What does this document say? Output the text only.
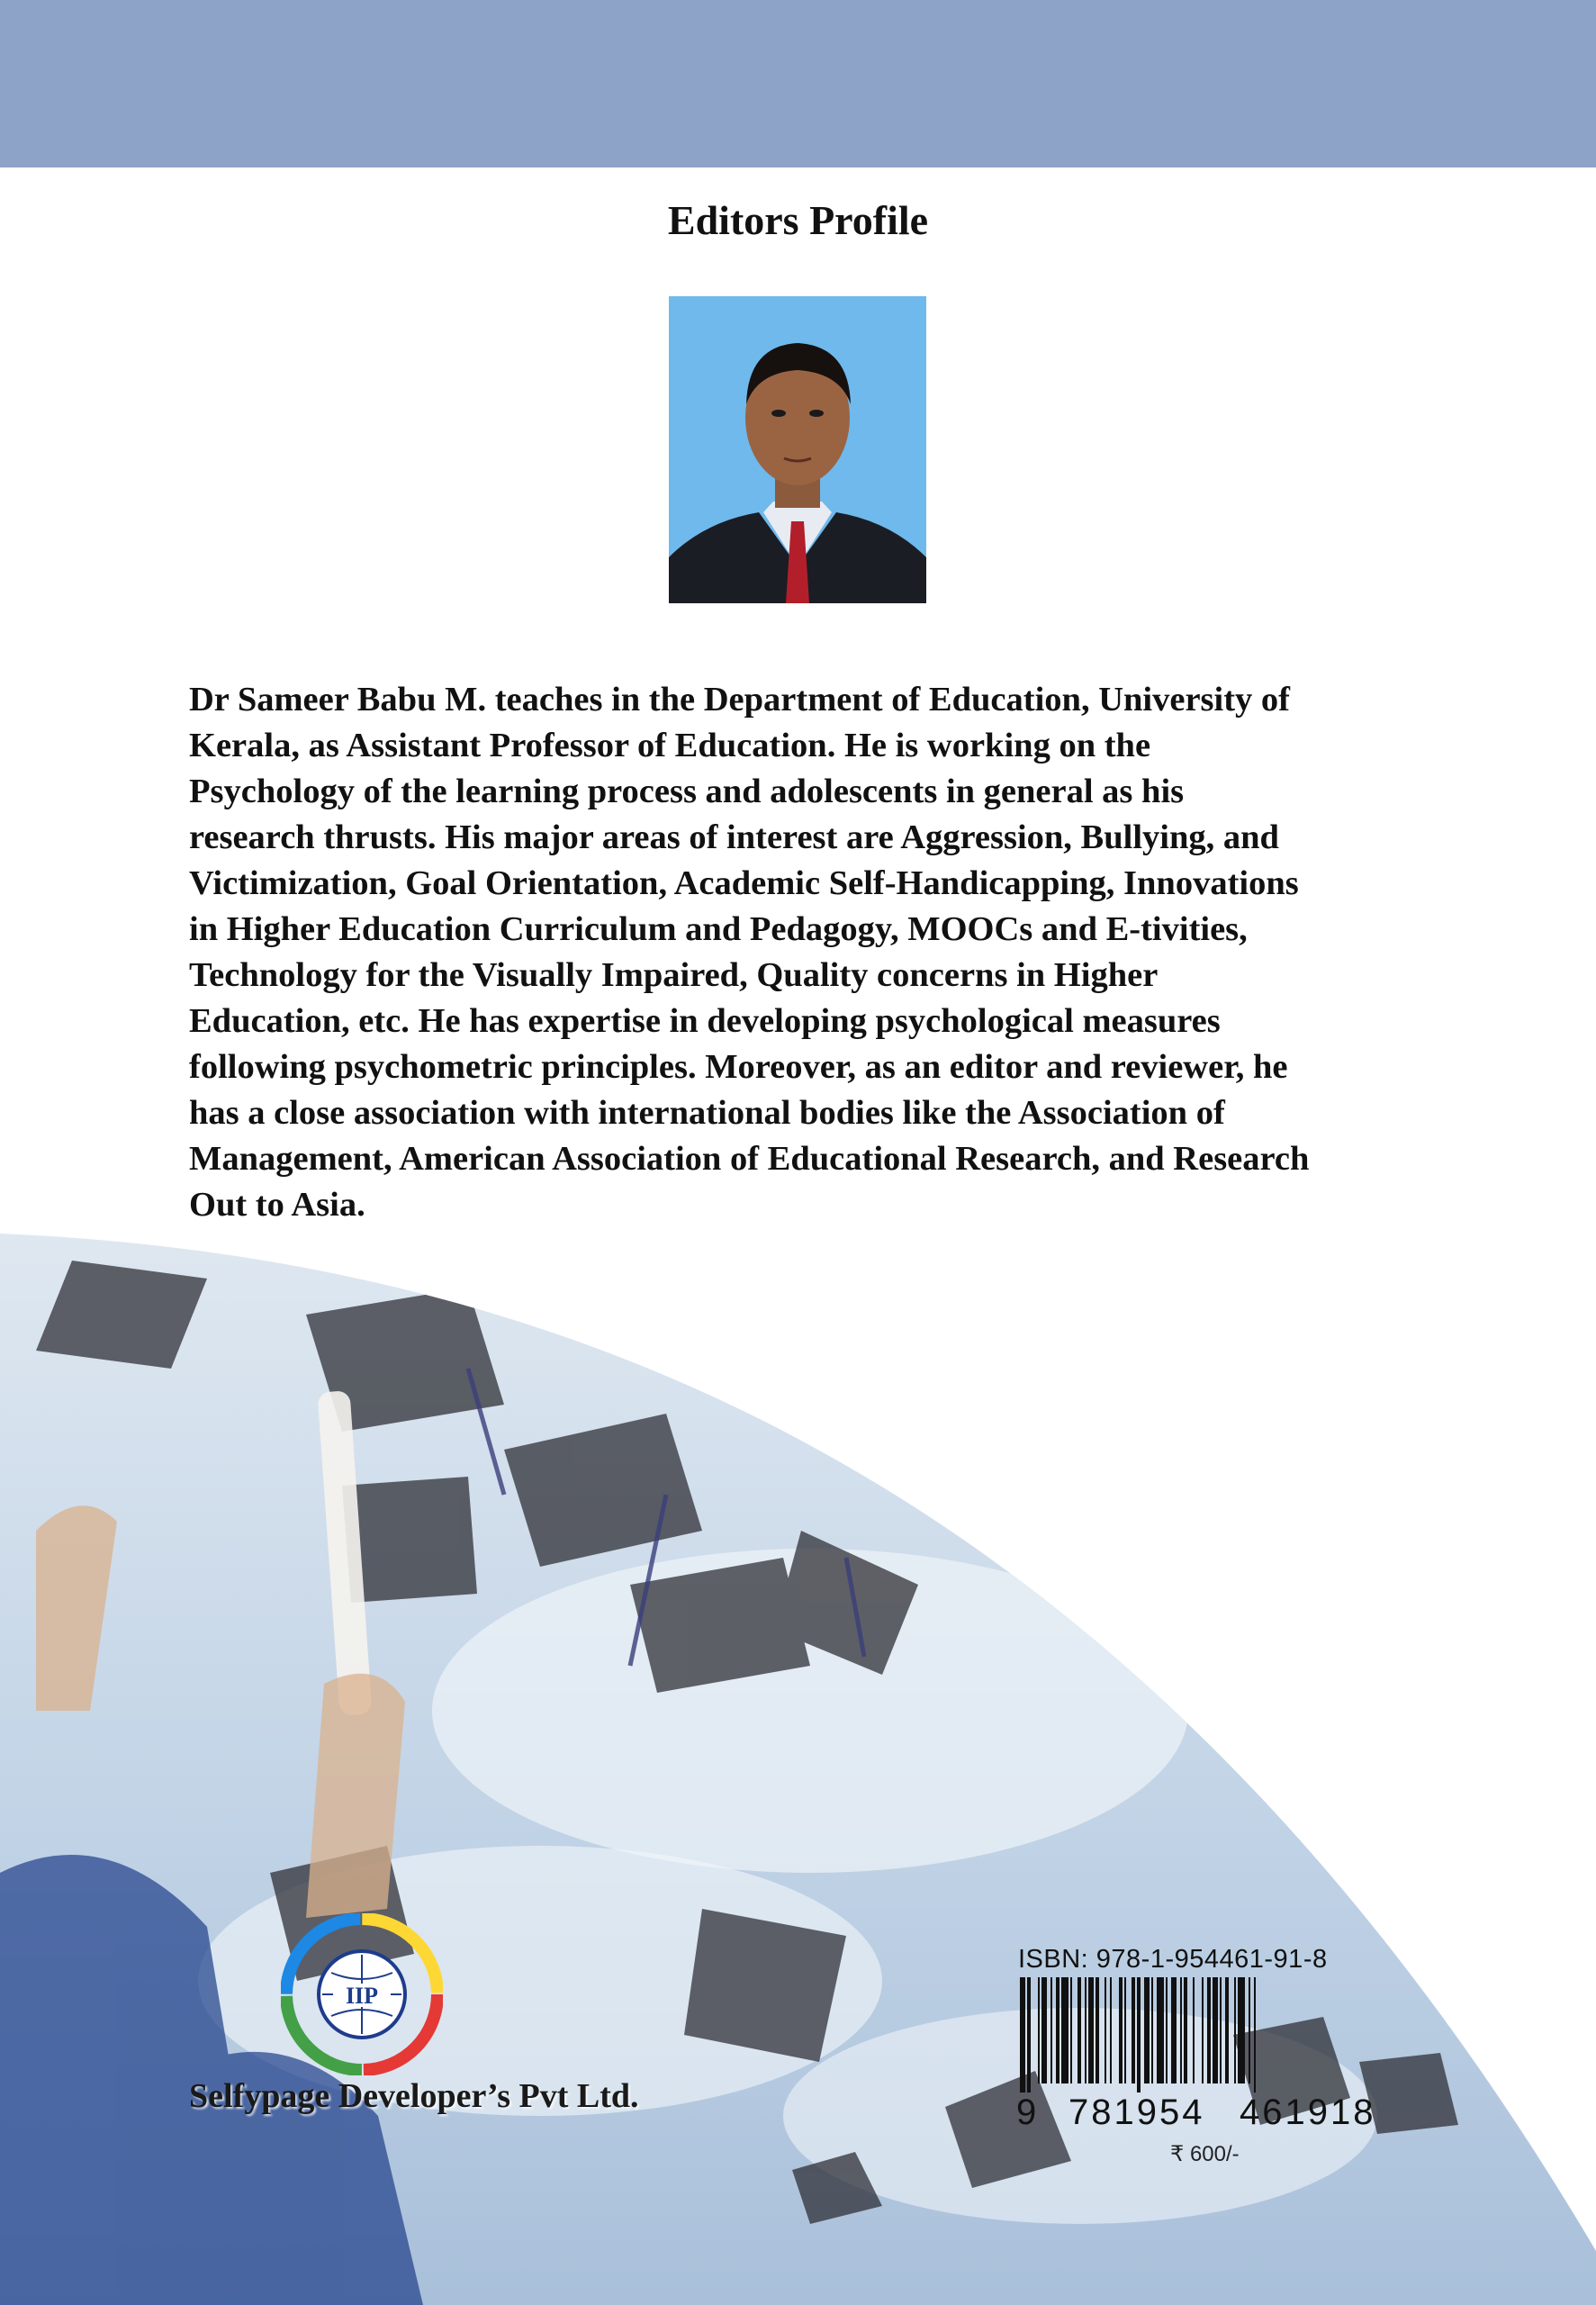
Editors Profile
Dr Sameer Babu M. teaches in the Department of Education, University of
Kerala, as Assistant Professor of Education. He is working on the
Psychology of the learning process and adolescents in general as his
research thrusts. His major areas of interest are Aggression, Bullying, and
Victimization, Goal Orientation, Academic Self-Handicapping, Innovations
in Higher Education Curriculum and Pedagogy, MOOCs and E-tivities,
Technology for the Visually Impaired, Quality concerns in Higher
Education, etc. He has expertise in developing psychological measures
following psychometric principles. Moreover, as an editor and reviewer, he
has a close association with international bodies like the Association of
Management, American Association of Educational Research, and Research
Out to Asia.
IIP
Selfypage Developer’s Pvt Ltd.
ISBN: 978-1-954461-91-8
9 781954 461918
₹ 600/-
